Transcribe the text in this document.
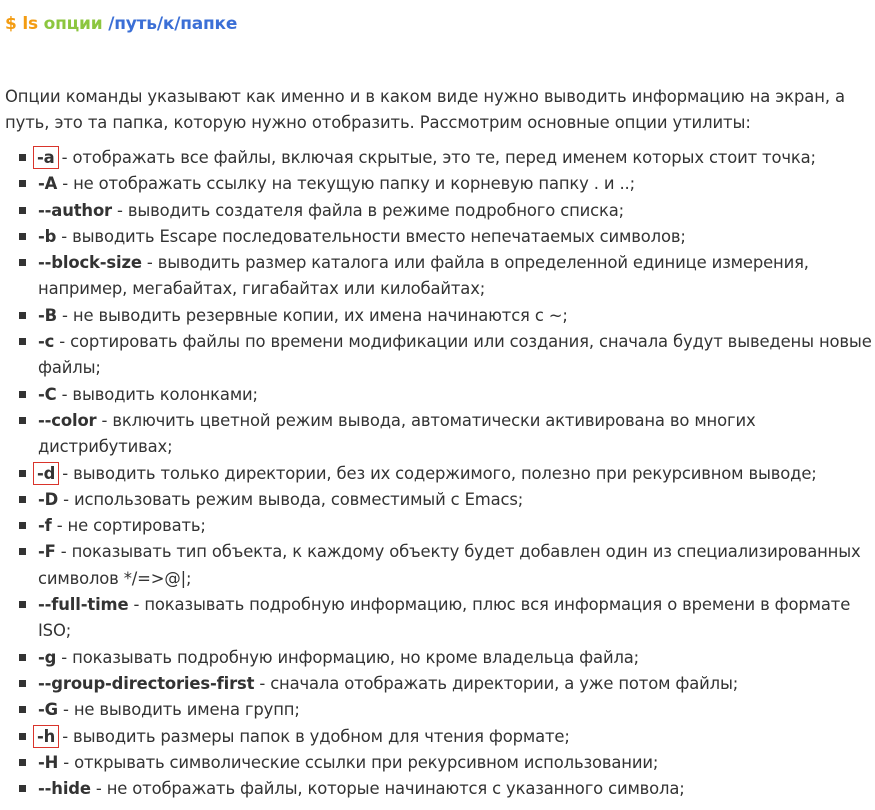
$ ls опции /путь/к/папке

Опции команды указывают как именно и в каком виде нужно выводить информацию на экран, а путь, это та папка, которую нужно отобразить. Рассмотрим основные опции утилиты:

-a - отображать все файлы, включая скрытые, это те, перед именем которых стоит точка;
-A - не отображать ссылку на текущую папку и корневую папку . и ..;
--author - выводить создателя файла в режиме подробного списка;
-b - выводить Escape последовательности вместо непечатаемых символов;
--block-size - выводить размер каталога или файла в определенной единице измерения, например, мегабайтах, гигабайтах или килобайтах;
-B - не выводить резервные копии, их имена начинаются с ~;
-c - сортировать файлы по времени модификации или создания, сначала будут выведены новые файлы;
-C - выводить колонками;
--color - включить цветной режим вывода, автоматически активирована во многих дистрибутивах;
-d - выводить только директории, без их содержимого, полезно при рекурсивном выводе;
-D - использовать режим вывода, совместимый с Emacs;
-f - не сортировать;
-F - показывать тип объекта, к каждому объекту будет добавлен один из специализированных символов */=>@|;
--full-time - показывать подробную информацию, плюс вся информация о времени в формате ISO;
-g - показывать подробную информацию, но кроме владельца файла;
--group-directories-first - сначала отображать директории, а уже потом файлы;
-G - не выводить имена групп;
-h - выводить размеры папок в удобном для чтения формате;
-H - открывать символические ссылки при рекурсивном использовании;
--hide - не отображать файлы, которые начинаются с указанного символа;
